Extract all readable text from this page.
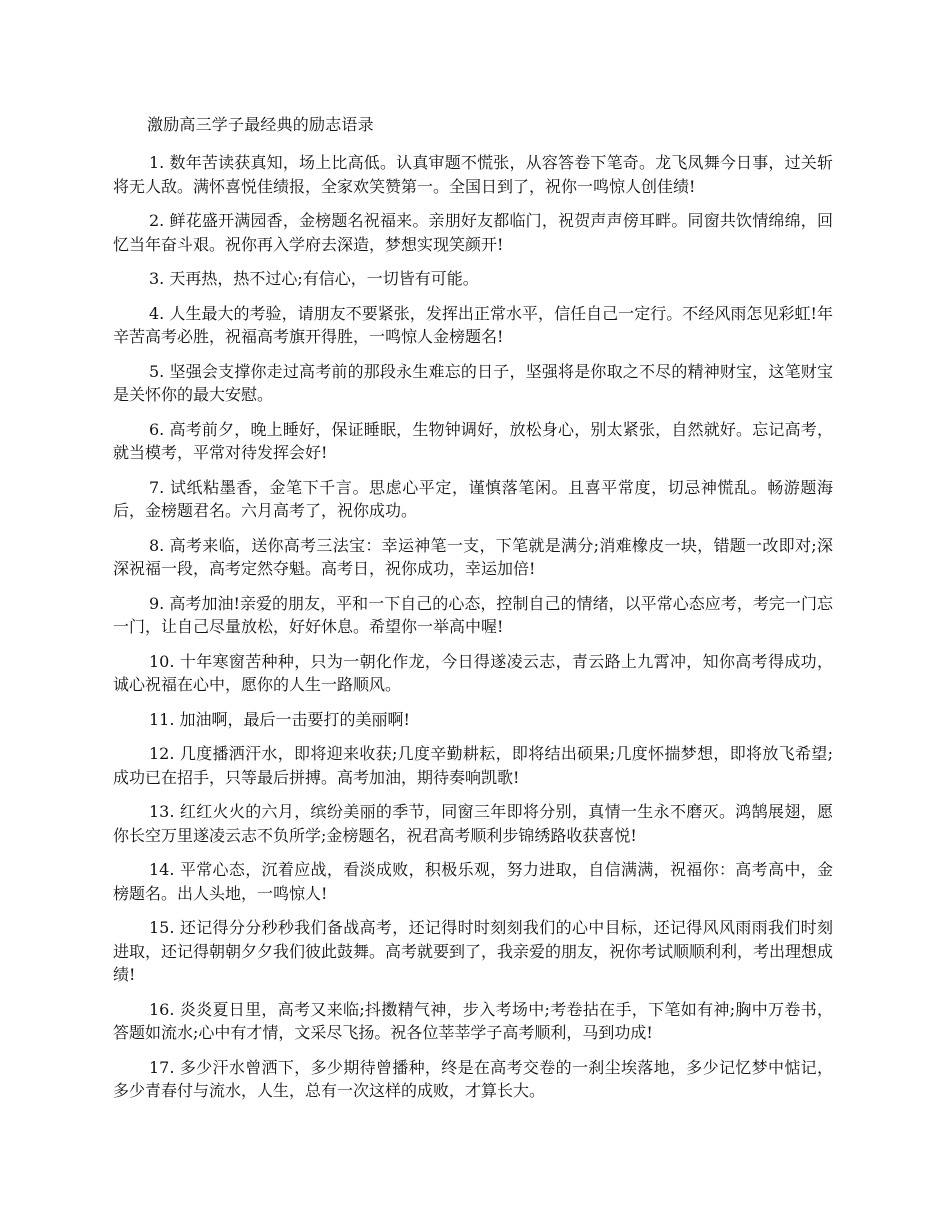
激励高三学子最经典的励志语录

1. 数年苦读获真知，场上比高低。认真审题不慌张，从容答卷下笔奇。龙飞凤舞今日事，过关斩将无人敌。满怀喜悦佳绩报，全家欢笑赞第一。全国日到了，祝你一鸣惊人创佳绩!

2. 鲜花盛开满园香，金榜题名祝福来。亲朋好友都临门，祝贺声声傍耳畔。同窗共饮情绵绵，回忆当年奋斗艰。祝你再入学府去深造，梦想实现笑颜开!

3. 天再热，热不过心;有信心，一切皆有可能。

4. 人生最大的考验，请朋友不要紧张，发挥出正常水平，信任自己一定行。不经风雨怎见彩虹!年辛苦高考必胜，祝福高考旗开得胜，一鸣惊人金榜题名!

5. 坚强会支撑你走过高考前的那段永生难忘的日子，坚强将是你取之不尽的精神财宝，这笔财宝是关怀你的最大安慰。

6. 高考前夕，晚上睡好，保证睡眠，生物钟调好，放松身心，别太紧张，自然就好。忘记高考，就当模考，平常对待发挥会好!

7. 试纸粘墨香，金笔下千言。思虑心平定，谨慎落笔闲。且喜平常度，切忌神慌乱。畅游题海后，金榜题君名。六月高考了，祝你成功。

8. 高考来临，送你高考三法宝：幸运神笔一支，下笔就是满分;消难橡皮一块，错题一改即对;深深祝福一段，高考定然夺魁。高考日，祝你成功，幸运加倍!

9. 高考加油!亲爱的朋友，平和一下自己的心态，控制自己的情绪，以平常心态应考，考完一门忘一门，让自己尽量放松，好好休息。希望你一举高中喔!

10. 十年寒窗苦种种，只为一朝化作龙，今日得遂凌云志，青云路上九霄冲，知你高考得成功，诚心祝福在心中，愿你的人生一路顺风。

11. 加油啊，最后一击要打的美丽啊!

12. 几度播洒汗水，即将迎来收获;几度辛勤耕耘，即将结出硕果;几度怀揣梦想，即将放飞希望;成功已在招手，只等最后拼搏。高考加油，期待奏响凯歌!

13. 红红火火的六月，缤纷美丽的季节，同窗三年即将分别，真情一生永不磨灭。鸿鹄展翅，愿你长空万里遂凌云志不负所学;金榜题名，祝君高考顺利步锦绣路收获喜悦!

14. 平常心态，沉着应战，看淡成败，积极乐观，努力进取，自信满满，祝福你：高考高中，金榜题名。出人头地，一鸣惊人!

15. 还记得分分秒秒我们备战高考，还记得时时刻刻我们的心中目标，还记得风风雨雨我们时刻进取，还记得朝朝夕夕我们彼此鼓舞。高考就要到了，我亲爱的朋友，祝你考试顺顺利利，考出理想成绩!

16. 炎炎夏日里，高考又来临;抖擞精气神，步入考场中;考卷拈在手，下笔如有神;胸中万卷书，答题如流水;心中有才情，文采尽飞扬。祝各位莘莘学子高考顺利，马到功成!

17. 多少汗水曾洒下，多少期待曾播种，终是在高考交卷的一刹尘埃落地，多少记忆梦中惦记，多少青春付与流水，人生，总有一次这样的成败，才算长大。
